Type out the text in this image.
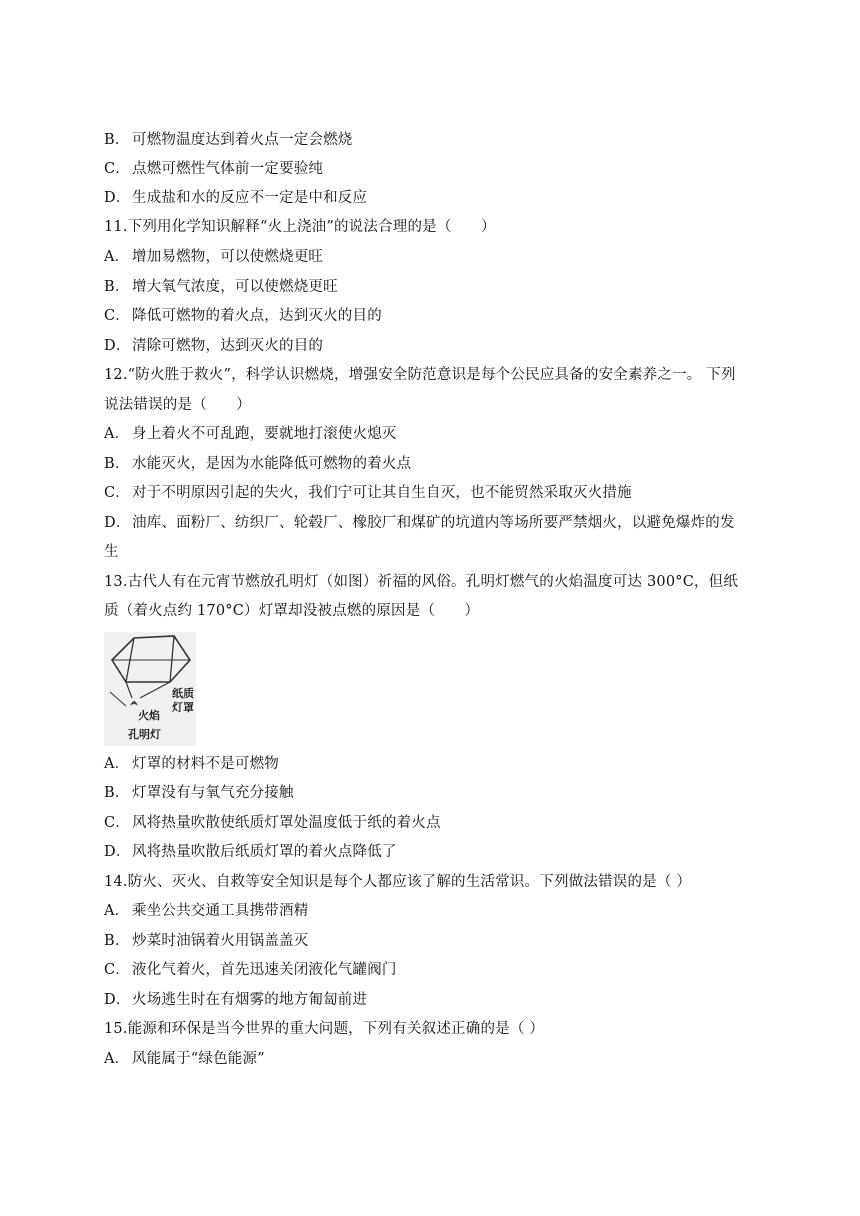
B． 可燃物温度达到着火点一定会燃烧
C． 点燃可燃性气体前一定要验纯
D．生成盐和水的反应不一定是中和反应
11.下列用化学知识解释“火上浇油”的说法合理的是（　　）
A． 增加易燃物，可以使燃烧更旺
B． 增大氧气浓度，可以使燃烧更旺
C． 降低可燃物的着火点，达到灭火的目的
D．清除可燃物，达到灭火的目的
12.“防火胜于救火”，科学认识燃烧，增强安全防范意识是每个公民应具备的安全素养之一。 下列
说法错误的是（　　）
A． 身上着火不可乱跑，要就地打滚使火熄灭
B． 水能灭火，是因为水能降低可燃物的着火点
C． 对于不明原因引起的失火，我们宁可让其自生自灭，也不能贸然采取灭火措施
D．油库、面粉厂、纺织厂、轮毂厂、橡胶厂和煤矿的坑道内等场所要严禁烟火，以避免爆炸的发
生
13.古代人有在元宵节燃放孔明灯（如图）祈福的风俗。孔明灯燃气的火焰温度可达 300°C，但纸
质（着火点约 170°C）灯罩却没被点燃的原因是（　　）
纸质
灯罩
火焰
孔明灯
A． 灯罩的材料不是可燃物
B． 灯罩没有与氧气充分接触
C． 风将热量吹散使纸质灯罩处温度低于纸的着火点
D．风将热量吹散后纸质灯罩的着火点降低了
14.防火、灭火、自救等安全知识是每个人都应该了解的生活常识。下列做法错误的是（ ）
A． 乘坐公共交通工具携带酒精
B． 炒菜时油锅着火用锅盖盖灭
C． 液化气着火，首先迅速关闭液化气罐阀门
D．火场逃生时在有烟雾的地方匍匐前进
15.能源和环保是当今世界的重大问题，下列有关叙述正确的是（ ）
A． 风能属于“绿色能源”
